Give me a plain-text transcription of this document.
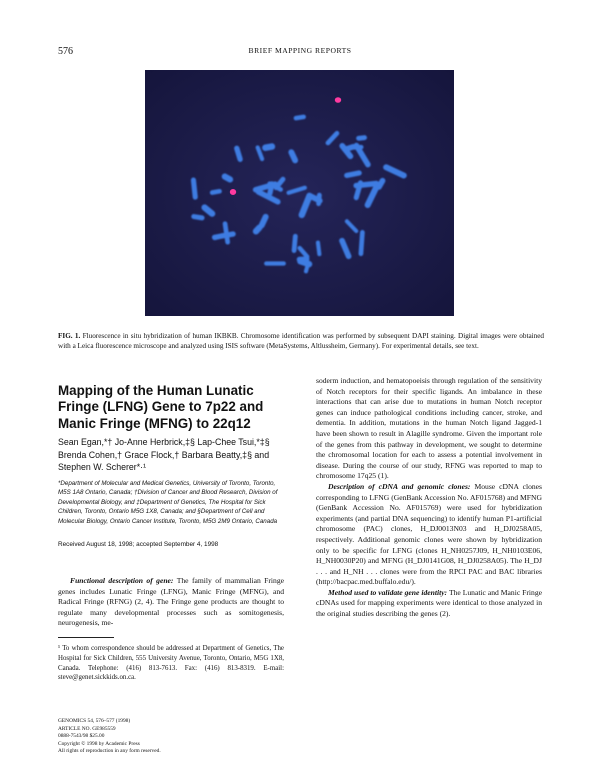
576	BRIEF MAPPING REPORTS
FIG. 1. Fluorescence in situ hybridization of human IKBKB. Chromosome identification was performed by subsequent DAPI staining. Digital images were obtained with a Leica fluorescence microscope and analyzed using ISIS software (MetaSystems, Altlussheim, Germany). For experimental details, see text.
Mapping of the Human Lunatic Fringe (LFNG) Gene to 7p22 and Manic Fringe (MFNG) to 22q12
Sean Egan,*† Jo-Anne Herbrick,‡§ Lap-Chee Tsui,*‡§ Brenda Cohen,† Grace Flock,† Barbara Beatty,‡§ and Stephen W. Scherer*·¹
*Department of Molecular and Medical Genetics, University of Toronto, Toronto, M5S 1A8 Ontario, Canada; †Division of Cancer and Blood Research, Division of Developmental Biology, and ‡Department of Genetics, The Hospital for Sick Children, Toronto, Ontario M5G 1X8, Canada; and §Department of Cell and Molecular Biology, Ontario Cancer Institute, Toronto, M5G 2M9 Ontario, Canada
Received August 18, 1998; accepted September 4, 1998

Functional description of gene: The family of mammalian Fringe genes includes Lunatic Fringe (LFNG), Manic Fringe (MFNG), and Radical Fringe (RFNG) (2, 4). The Fringe gene products are thought to regulate many developmental processes such as somitogenesis, neurogenesis, me-

¹ To whom correspondence should be addressed at Department of Genetics, The Hospital for Sick Children, 555 University Avenue, Toronto, Ontario, M5G 1X8, Canada. Telephone: (416) 813-7613. Fax: (416) 813-8319. E-mail: steve@genet.sickkids.on.ca.
GENOMICS 54, 576–577 (1998)
ARTICLE NO. GE985559
0888-7543/98 $25.00
Copyright © 1998 by Academic Press
All rights of reproduction in any form reserved.
soderm induction, and hematopoeisis through regulation of the sensitivity of Notch receptors for their specific ligands. An imbalance in these interactions that can arise due to mutations in human Notch receptor genes can induce pathological conditions including cancer, stroke, and dementia. In addition, mutations in the human Notch ligand Jagged-1 have been shown to result in Alagille syndrome. Given the important role of the genes from this pathway in development, we sought to determine the chromosomal location for each to assess a potential involvement in disease. During the course of our study, RFNG was reported to map to chromosome 17q25 (1).

Description of cDNA and genomic clones: Mouse cDNA clones corresponding to LFNG (GenBank Accession No. AF015768) and MFNG (GenBank Accession No. AF015769) were used for hybridization experiments (and partial DNA sequencing) to identify human P1-artificial chromosome (PAC) clones, H_DJ0013N03 and H_DJ0258A05, respectively. Additional genomic clones were shown by hybridization only to be specific for LFNG (clones H_NH0257J09, H_NH0103E06, H_NH0030P20) and MFNG (H_DJ0141G08, H_DJ0258A05). The H_DJ . . . and H_NH . . . clones were from the RPCI PAC and BAC libraries (http://bacpac.med.buffalo.edu/).

Method used to validate gene identity: The Lunatic and Manic Fringe cDNAs used for mapping experiments were identical to those analyzed in the original studies describing the genes (2).
